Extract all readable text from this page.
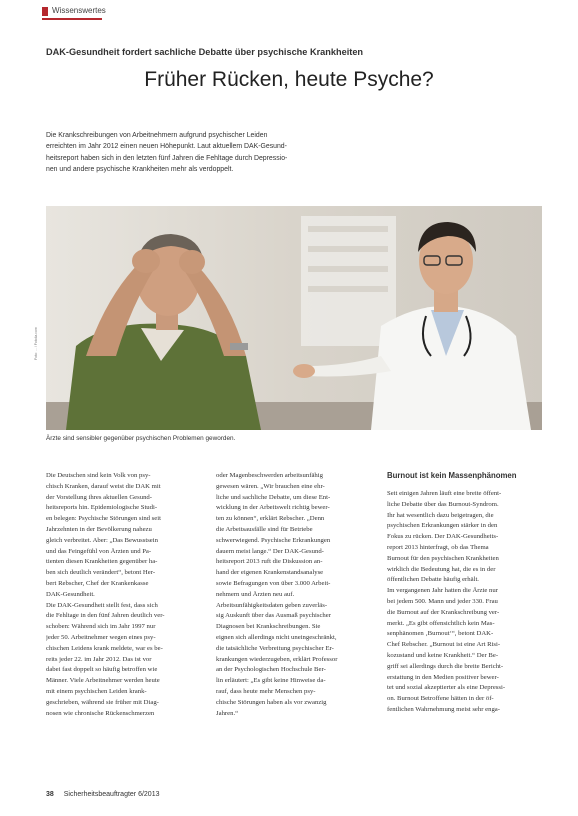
Wissenswertes
DAK-Gesundheit fordert sachliche Debatte über psychische Krankheiten
Früher Rücken, heute Psyche?
Die Krankschreibungen von Arbeitnehmern aufgrund psychischer Leiden
erreichten im Jahr 2012 einen neuen Höhepunkt. Laut aktuellem DAK-Gesund-
heitsreport haben sich in den letzten fünf Jahren die Fehltage durch Depressio-
nen und andere psychische Krankheiten mehr als verdoppelt.
Foto: ... / Fotolia.com
Ärzte sind sensibler gegenüber psychischen Problemen geworden.
Die Deutschen sind kein Volk von psy-
chisch Kranken, darauf weist die DAK mit
der Vorstellung ihres aktuellen Gesund-
heitsreports hin. Epidemiologische Studi-
en belegen: Psychische Störungen sind seit
Jahrzehnten in der Bevölkerung nahezu
gleich verbreitet. Aber: „Das Bewusstsein
und das Feingefühl von Ärzten und Pa-
tienten diesen Krankheiten gegenüber ha-
ben sich deutlich verändert“, betont Her-
bert Rebscher, Chef der Krankenkasse
DAK-Gesundheit.
Die DAK-Gesundheit stellt fest, dass sich
die Fehltage in den fünf Jahren deutlich ver-
schoben: Während sich im Jahr 1997 nur
jeder 50. Arbeitnehmer wegen eines psy-
chischen Leidens krank meldete, war es be-
reits jeder 22. im Jahr 2012. Das ist vor
dabei fast doppelt so häufig betroffen wie
Männer. Viele Arbeitnehmer werden heute
mit einem psychischen Leiden krank-
geschrieben, während sie früher mit Diag-
nosen wie chronische Rückenschmerzen
oder Magenbeschwerden arbeitsunfähig
gewesen wären. „Wir brauchen eine ehr-
liche und sachliche Debatte, um diese Ent-
wicklung in der Arbeitswelt richtig bewer-
ten zu können“, erklärt Rebscher. „Denn
die Arbeitsausfälle sind für Betriebe
schwerwiegend. Psychische Erkrankungen
dauern meist lange.“ Der DAK-Gesund-
heitsreport 2013 ruft die Diskussion an-
hand der eigenen Krankenstandsanalyse
sowie Befragungen von über 3.000 Arbeit-
nehmern und Ärzten neu auf.
Arbeitsunfähigkeitsdaten geben zuverläs-
sig Auskunft über das Ausmaß psychischer
Diagnosen bei Krankschreibungen. Sie
eignen sich allerdings nicht uneingeschränkt,
die tatsächliche Verbreitung psychischer Er-
krankungen wiederzugeben, erklärt Professor
an der Psychologischen Hochschule Ber-
lin erläutert: „Es gibt keine Hinweise da-
rauf, dass heute mehr Menschen psy-
chische Störungen haben als vor zwanzig
Jahren.“
Burnout ist kein Massenphänomen
Seit einigen Jahren läuft eine breite öffent-
liche Debatte über das Burnout-Syndrom.
Ihr hat wesentlich dazu beigetragen, die
psychischen Erkrankungen stärker in den
Fokus zu rücken. Der DAK-Gesundheits-
report 2013 hinterfragt, ob das Thema
Burnout für den psychischen Krankheiten
wirklich die Bedeutung hat, die es in der
öffentlichen Debatte häufig erhält.
Im vergangenen Jahr hatten die Ärzte nur
bei jedem 500. Mann und jeder 330. Frau
die Burnout auf der Krankschreibung ver-
merkt. „Es gibt offensichtlich kein Mas-
senphänomen ‚Burnout‘“, betont DAK-
Chef Rebscher. „Burnout ist eine Art Risi-
kozustand und keine Krankheit.“ Der Be-
griff sei allerdings durch die breite Bericht-
erstattung in den Medien positiver bewer-
tet und sozial akzeptierter als eine Depressi-
on. Burnout Betroffene hätten in der öf-
fentlichen Wahrnehmung meist sehr enga-
38 Sicherheitsbeauftragter 6/2013
